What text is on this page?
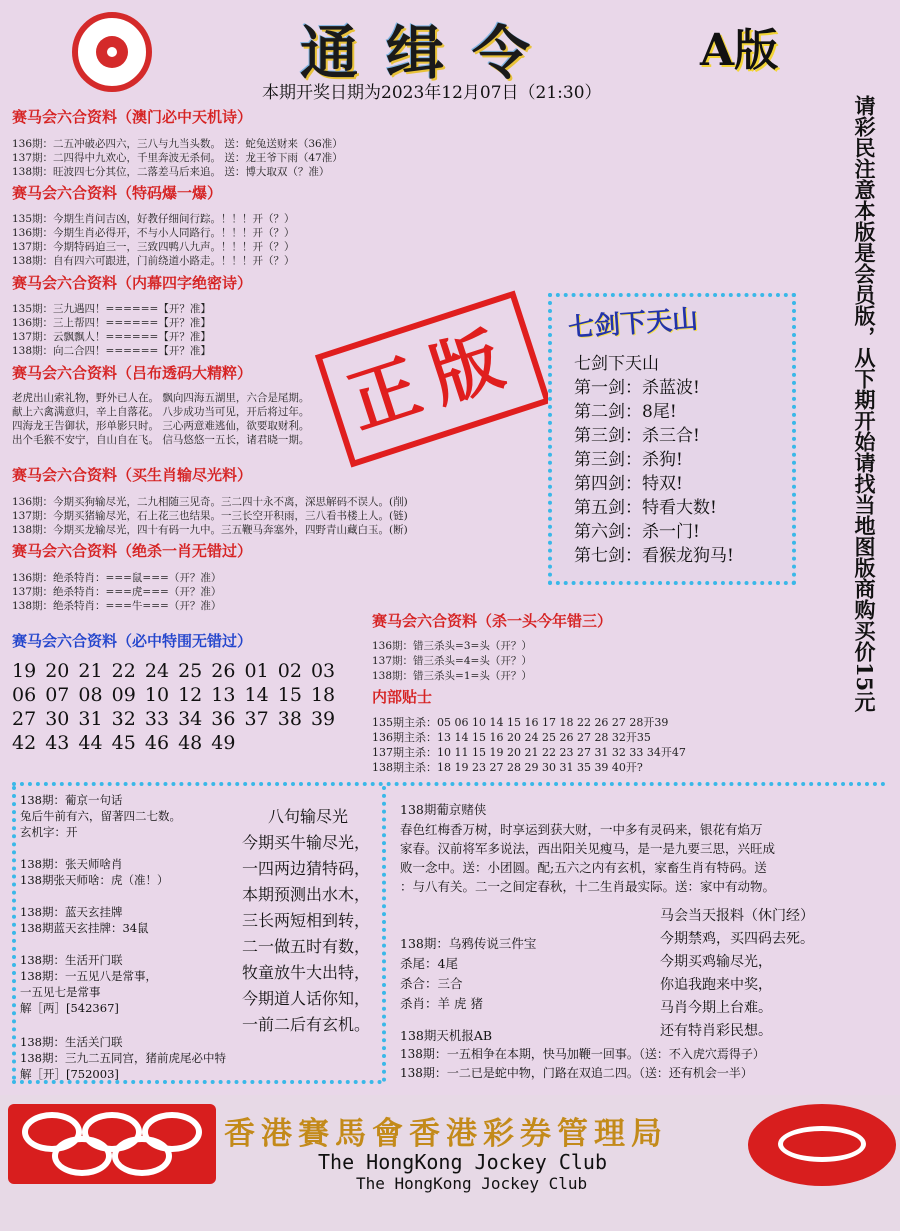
通缉令	A版
本期开奖日期为2023年12月07日（21:30）
请彩民注意本版是会员版，从下期开始请找当地图版商购买价15元
赛马会六合资料（澳门必中天机诗）
136期：二五冲破必四六，三八与九当头数。 送：蛇兔送财来（36准）
137期：二四得中九欢心，千里奔波无杀伺。 送：龙王爷下雨（47准）
138期：旺波四七分其位，二落差马后来追。 送：博大取双（？准）
赛马会六合资料（特码爆一爆）
135期：今期生肖问吉凶，好教仔细间行踪。！！！开（？）
136期：今期生肖必得开，不与小人同路行。！！！开（？）
137期：今期特码迫三一，三致四鸭八九声。！！！开（？）
138期：自有四六可跟进，门前绕道小路走。！！！开（？）
赛马会六合资料（内幕四字绝密诗）
135期：三九遇四！======【开？准】
136期：三上帮四！======【开？准】
137期：云飘飘人！======【开？准】
138期：向二合四！======【开？准】
赛马会六合资料（吕布透码大精粹）
老虎出山索礼物，野外已人在。 飘向四海五湖里，六合是尾期。
献上六禽满意归，辛上自落花。 八步成功当可见，开后将过年。
四海龙王告御状，形单影只时。 三心两意难逃仙，欲要取财利。
出个毛猴不安宁，自山自在飞。 信马悠悠一五长，诸君晓一期。 正版
赛马会六合资料（买生肖输尽光料）
136期：今期买狗输尽光，二九相随三见奇。三二四十永不离，深思解码不误人。(削)
137期：今期买猪输尽光，石上花三也结果。一三长空开积雨，三八看书楼上人。(链)
138期：今期买龙输尽光，四十有码一九中。三五鞭马奔塞外，四野青山藏白玉。(断)
赛马会六合资料（绝杀一肖无错过）
136期：绝杀特肖：===鼠===（开？准）
137期：绝杀特肖：===虎===（开？准）
138期：绝杀特肖：===牛===（开？准）
赛马会六合资料（必中特围无错过）
19 20 21 22 24 25 26 01 02 03
06 07 08 09 10 12 13 14 15 18
27 30 31 32 33 34 36 37 38 39
42 43 44 45 46 48 49
七剑下天山
七剑下天山
第一剑：杀蓝波!
第二剑：8尾!
第三剑：杀三合!
第三剑：杀狗!
第四剑：特双!
第五剑：特看大数!
第六剑：杀一门!
第七剑：看猴龙狗马!
赛马会六合资料（杀一头今年错三）
136期：错三杀头=3=头（开？）
137期：错三杀头=4=头（开？）
138期：错三杀头=1=头（开？）
内部贴士
135期主杀：05 06 10 14 15 16 17 18 22 26 27 28开39
136期主杀：13 14 15 16 20 24 25 26 27 28 32开35
137期主杀：10 11 15 19 20 21 22 23 27 31 32 33 34开47
138期主杀：18 19 23 27 28 29 30 31 35 39 40开?
138期：葡京一句话
兔后牛前有六，留著四二七数。
玄机字：开
138期：张天师啥肖
138期张天师啥：虎（准！）
138期：蓝天玄挂牌
138期蓝天玄挂牌：34鼠
138期：生活开门联
138期：一五见八是常事，
一五见七是常事
解［两］[542367]
138期：生活关门联
138期：三九二五同宫，猪前虎尾必中特
解［开］[752003]
八句输尽光
今期买牛输尽光，
一四两边猜特码，
本期预测出水木，
三长两短相到转，
二一做五时有数，
牧童放牛大出特，
今期道人话你知，
一前二后有玄机。
138期葡京赌侠
春色红梅香万树，时享运到获大财，一中多有灵码来，银花有焰万
家春。汉前将军多说法，西出阳关见瘦马，是一是九要三思，兴旺成
败一念中。送：小团圆。配;五六之内有玄机，家畜生肖有特码。送
：与八有关。二一之间定春秋，十二生肖最实际。送：家中有动物。
马会当天报料（休门经）
今期禁鸡，买四码去死。
今期买鸡输尽光，
你追我跑来中奖，
马肖今期上台难。
还有特肖彩民想。
138期：乌鸦传说三件宝
杀尾：4尾
杀合：三合
杀肖：羊 虎 猪
138期天机报AB
138期：一五相争在本期，快马加鞭一回事。（送：不入虎穴焉得子）
138期：一二已是蛇中物，门路在双追二四。（送：还有机会一半）
香港賽馬會香港彩券管理局
The HongKong Jockey Club
The HongKong Jockey Club
